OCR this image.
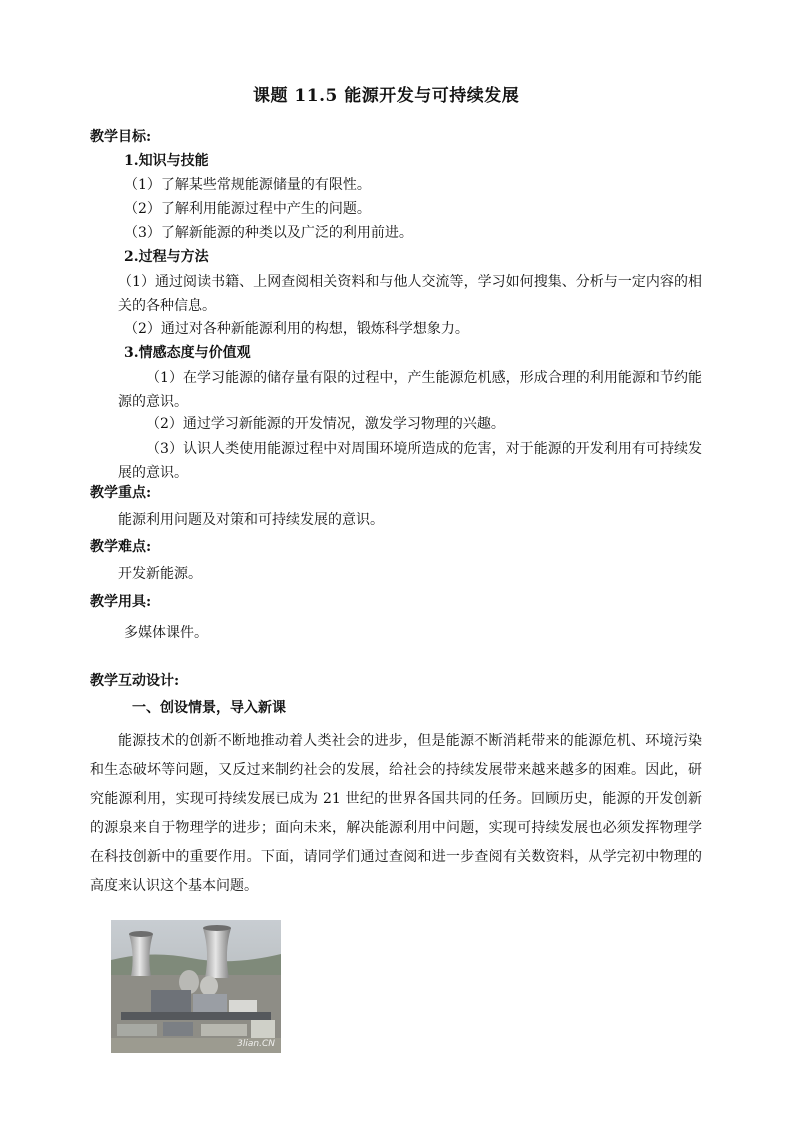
课题 11.5 能源开发与可持续发展
教学目标:
1.知识与技能
（1）了解某些常规能源储量的有限性。
（2）了解利用能源过程中产生的问题。
（3）了解新能源的种类以及广泛的利用前进。
2.过程与方法
（1）通过阅读书籍、上网查阅相关资料和与他人交流等，学习如何搜集、分析与一定内容的相关的各种信息。
（2）通过对各种新能源利用的构想，锻炼科学想象力。
3.情感态度与价值观
（1）在学习能源的储存量有限的过程中，产生能源危机感，形成合理的利用能源和节约能源的意识。
（2）通过学习新能源的开发情况，激发学习物理的兴趣。
（3）认识人类使用能源过程中对周围环境所造成的危害，对于能源的开发利用有可持续发展的意识。
教学重点:
能源利用问题及对策和可持续发展的意识。
教学难点:
开发新能源。
教学用具:
多媒体课件。
教学互动设计:
一、创设情景，导入新课
能源技术的创新不断地推动着人类社会的进步，但是能源不断消耗带来的能源危机、环境污染和生态破坏等问题，又反过来制约社会的发展，给社会的持续发展带来越来越多的困难。因此，研究能源利用，实现可持续发展已成为 21 世纪的世界各国共同的任务。回顾历史，能源的开发创新的源泉来自于物理学的进步；面向未来，解决能源利用中问题，实现可持续发展也必须发挥物理学在科技创新中的重要作用。下面，请同学们通过查阅和进一步查阅有关数资料，从学完初中物理的高度来认识这个基本问题。
3lian.CN
